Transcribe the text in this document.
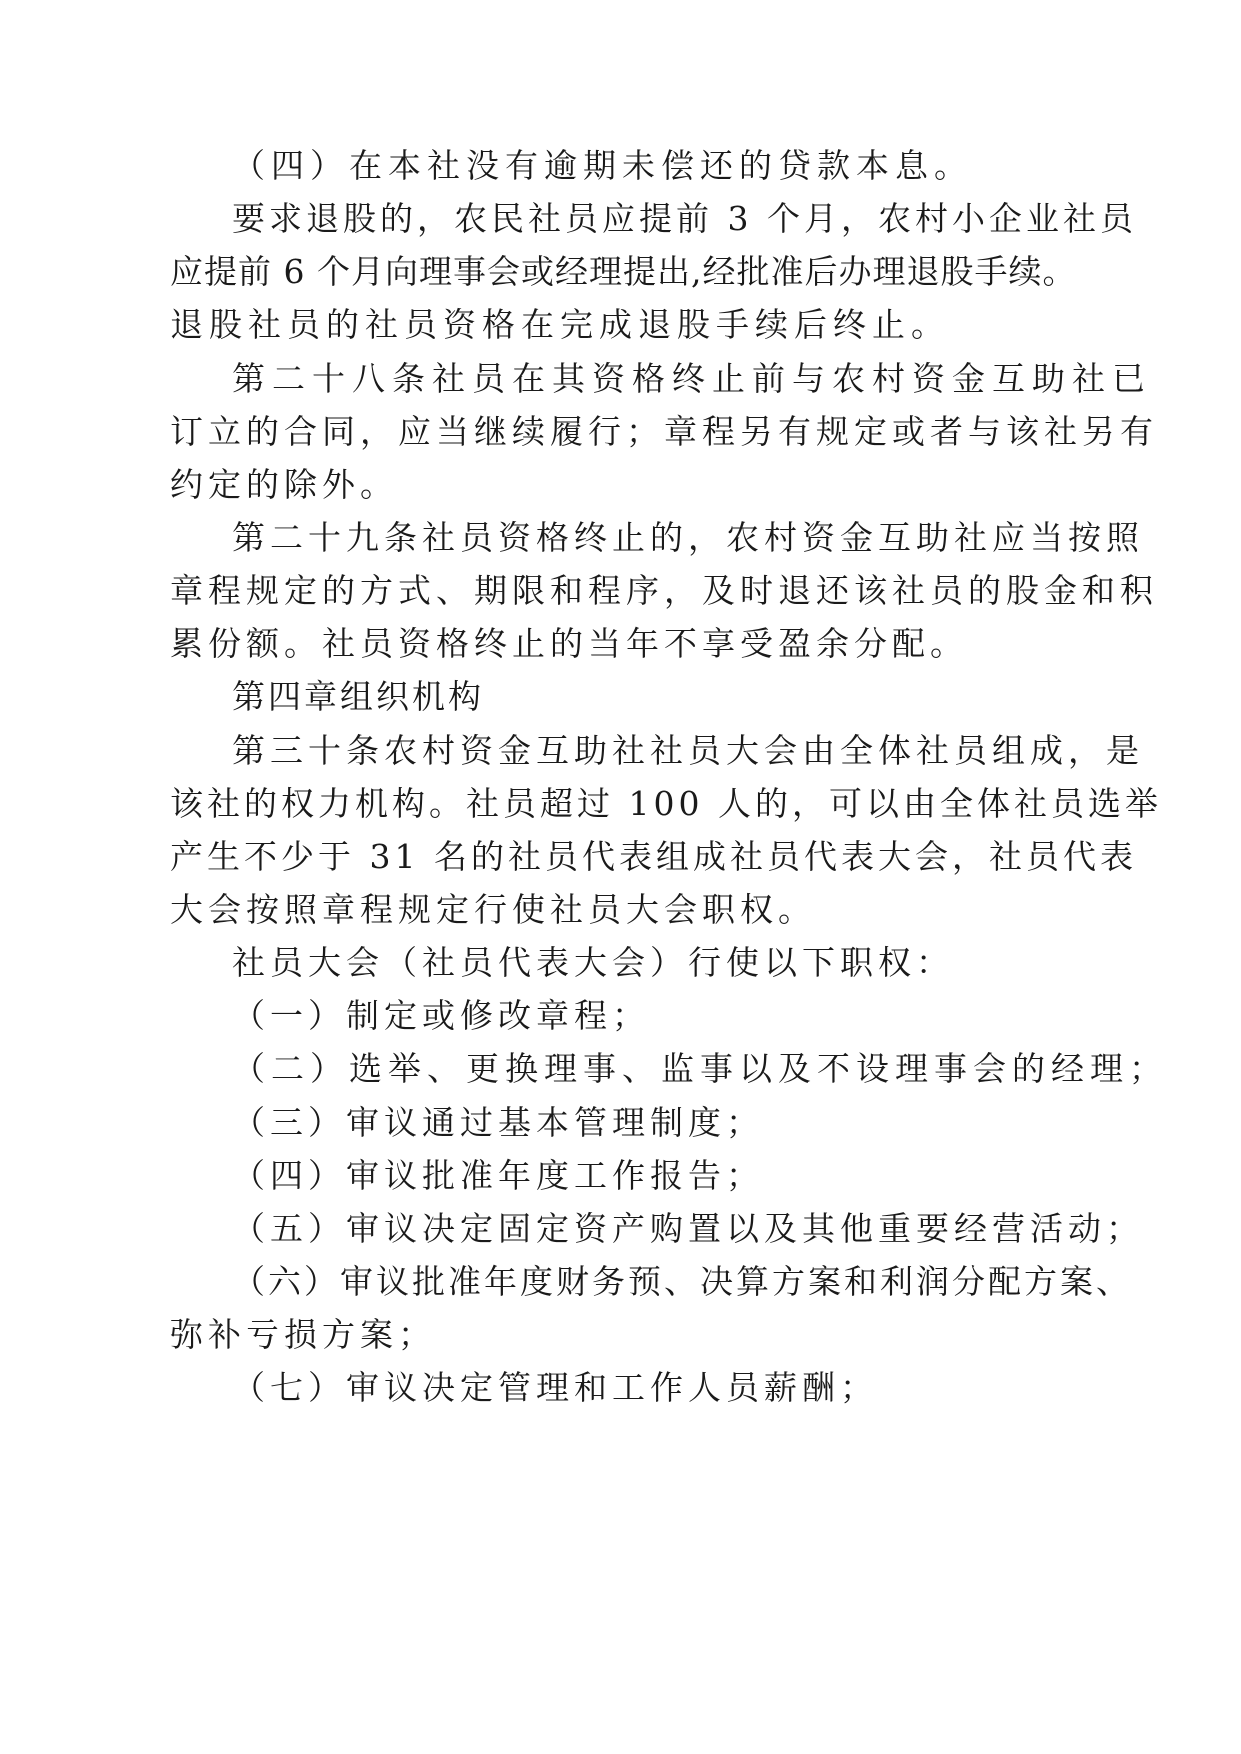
（四）在本社没有逾期未偿还的贷款本息。

要求退股的，农民社员应提前 3 个月，农村小企业社员

应提前 6 个月向理事会或经理提出,经批准后办理退股手续。

退股社员的社员资格在完成退股手续后终止。

第二十八条社员在其资格终止前与农村资金互助社已

订立的合同，应当继续履行；章程另有规定或者与该社另有

约定的除外。

第二十九条社员资格终止的，农村资金互助社应当按照

章程规定的方式、期限和程序，及时退还该社员的股金和积

累份额。社员资格终止的当年不享受盈余分配。

第四章组织机构

第三十条农村资金互助社社员大会由全体社员组成，是

该社的权力机构。社员超过 100 人的，可以由全体社员选举

产生不少于 31 名的社员代表组成社员代表大会，社员代表

大会按照章程规定行使社员大会职权。

社员大会（社员代表大会）行使以下职权：

（一）制定或修改章程；

（二）选举、更换理事、监事以及不设理事会的经理；

（三）审议通过基本管理制度；

（四）审议批准年度工作报告；

（五）审议决定固定资产购置以及其他重要经营活动；

（六）审议批准年度财务预、决算方案和利润分配方案、

弥补亏损方案；

（七）审议决定管理和工作人员薪酬；
